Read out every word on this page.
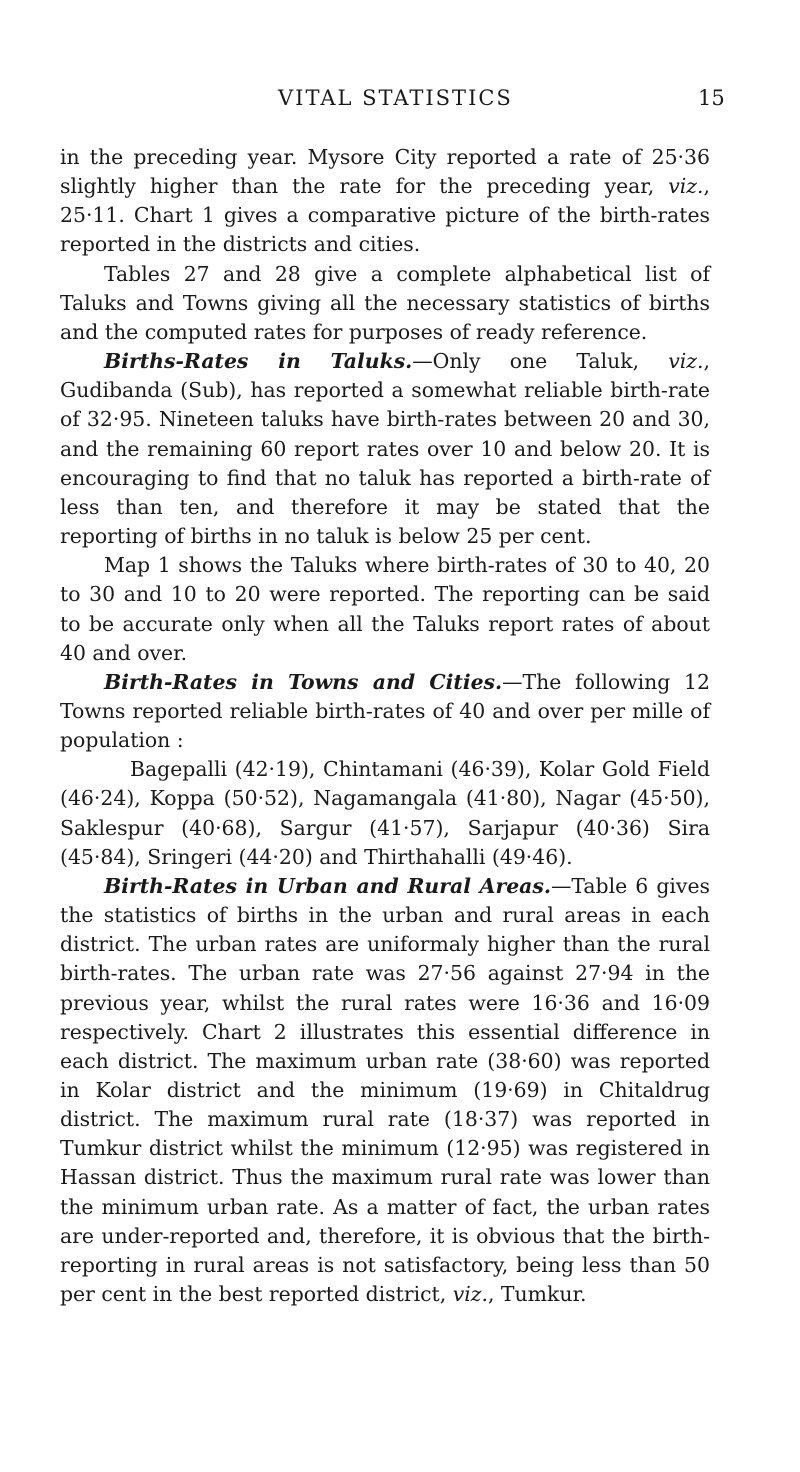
VITAL STATISTICS	15

in the preceding year. Mysore City reported a rate of 25·36 slightly higher than the rate for the preceding year, viz., 25·11. Chart 1 gives a comparative picture of the birth-rates reported in the districts and cities.

Tables 27 and 28 give a complete alphabetical list of Taluks and Towns giving all the necessary statistics of births and the computed rates for purposes of ready reference.

Births-Rates in Taluks.—Only one Taluk, viz., Gudibanda (Sub), has reported a somewhat reliable birth-rate of 32·95. Nineteen taluks have birth-rates between 20 and 30, and the remaining 60 report rates over 10 and below 20. It is encouraging to find that no taluk has reported a birth-rate of less than ten, and therefore it may be stated that the reporting of births in no taluk is below 25 per cent.

Map 1 shows the Taluks where birth-rates of 30 to 40, 20 to 30 and 10 to 20 were reported. The reporting can be said to be accurate only when all the Taluks report rates of about 40 and over.

Birth-Rates in Towns and Cities.—The following 12 Towns reported reliable birth-rates of 40 and over per mille of population :

Bagepalli (42·19), Chintamani (46·39), Kolar Gold Field (46·24), Koppa (50·52), Nagamangala (41·80), Nagar (45·50), Saklespur (40·68), Sargur (41·57), Sarjapur (40·36) Sira (45·84), Sringeri (44·20) and Thirthahalli (49·46).

Birth-Rates in Urban and Rural Areas.—Table 6 gives the statistics of births in the urban and rural areas in each district. The urban rates are uniformaly higher than the rural birth-rates. The urban rate was 27·56 against 27·94 in the previous year, whilst the rural rates were 16·36 and 16·09 respectively. Chart 2 illustrates this essential difference in each district. The maximum urban rate (38·60) was reported in Kolar district and the minimum (19·69) in Chitaldrug district. The maximum rural rate (18·37) was reported in Tumkur district whilst the minimum (12·95) was registered in Hassan district. Thus the maximum rural rate was lower than the minimum urban rate. As a matter of fact, the urban rates are under-reported and, therefore, it is obvious that the birth-reporting in rural areas is not satisfactory, being less than 50 per cent in the best reported district, viz., Tumkur.
